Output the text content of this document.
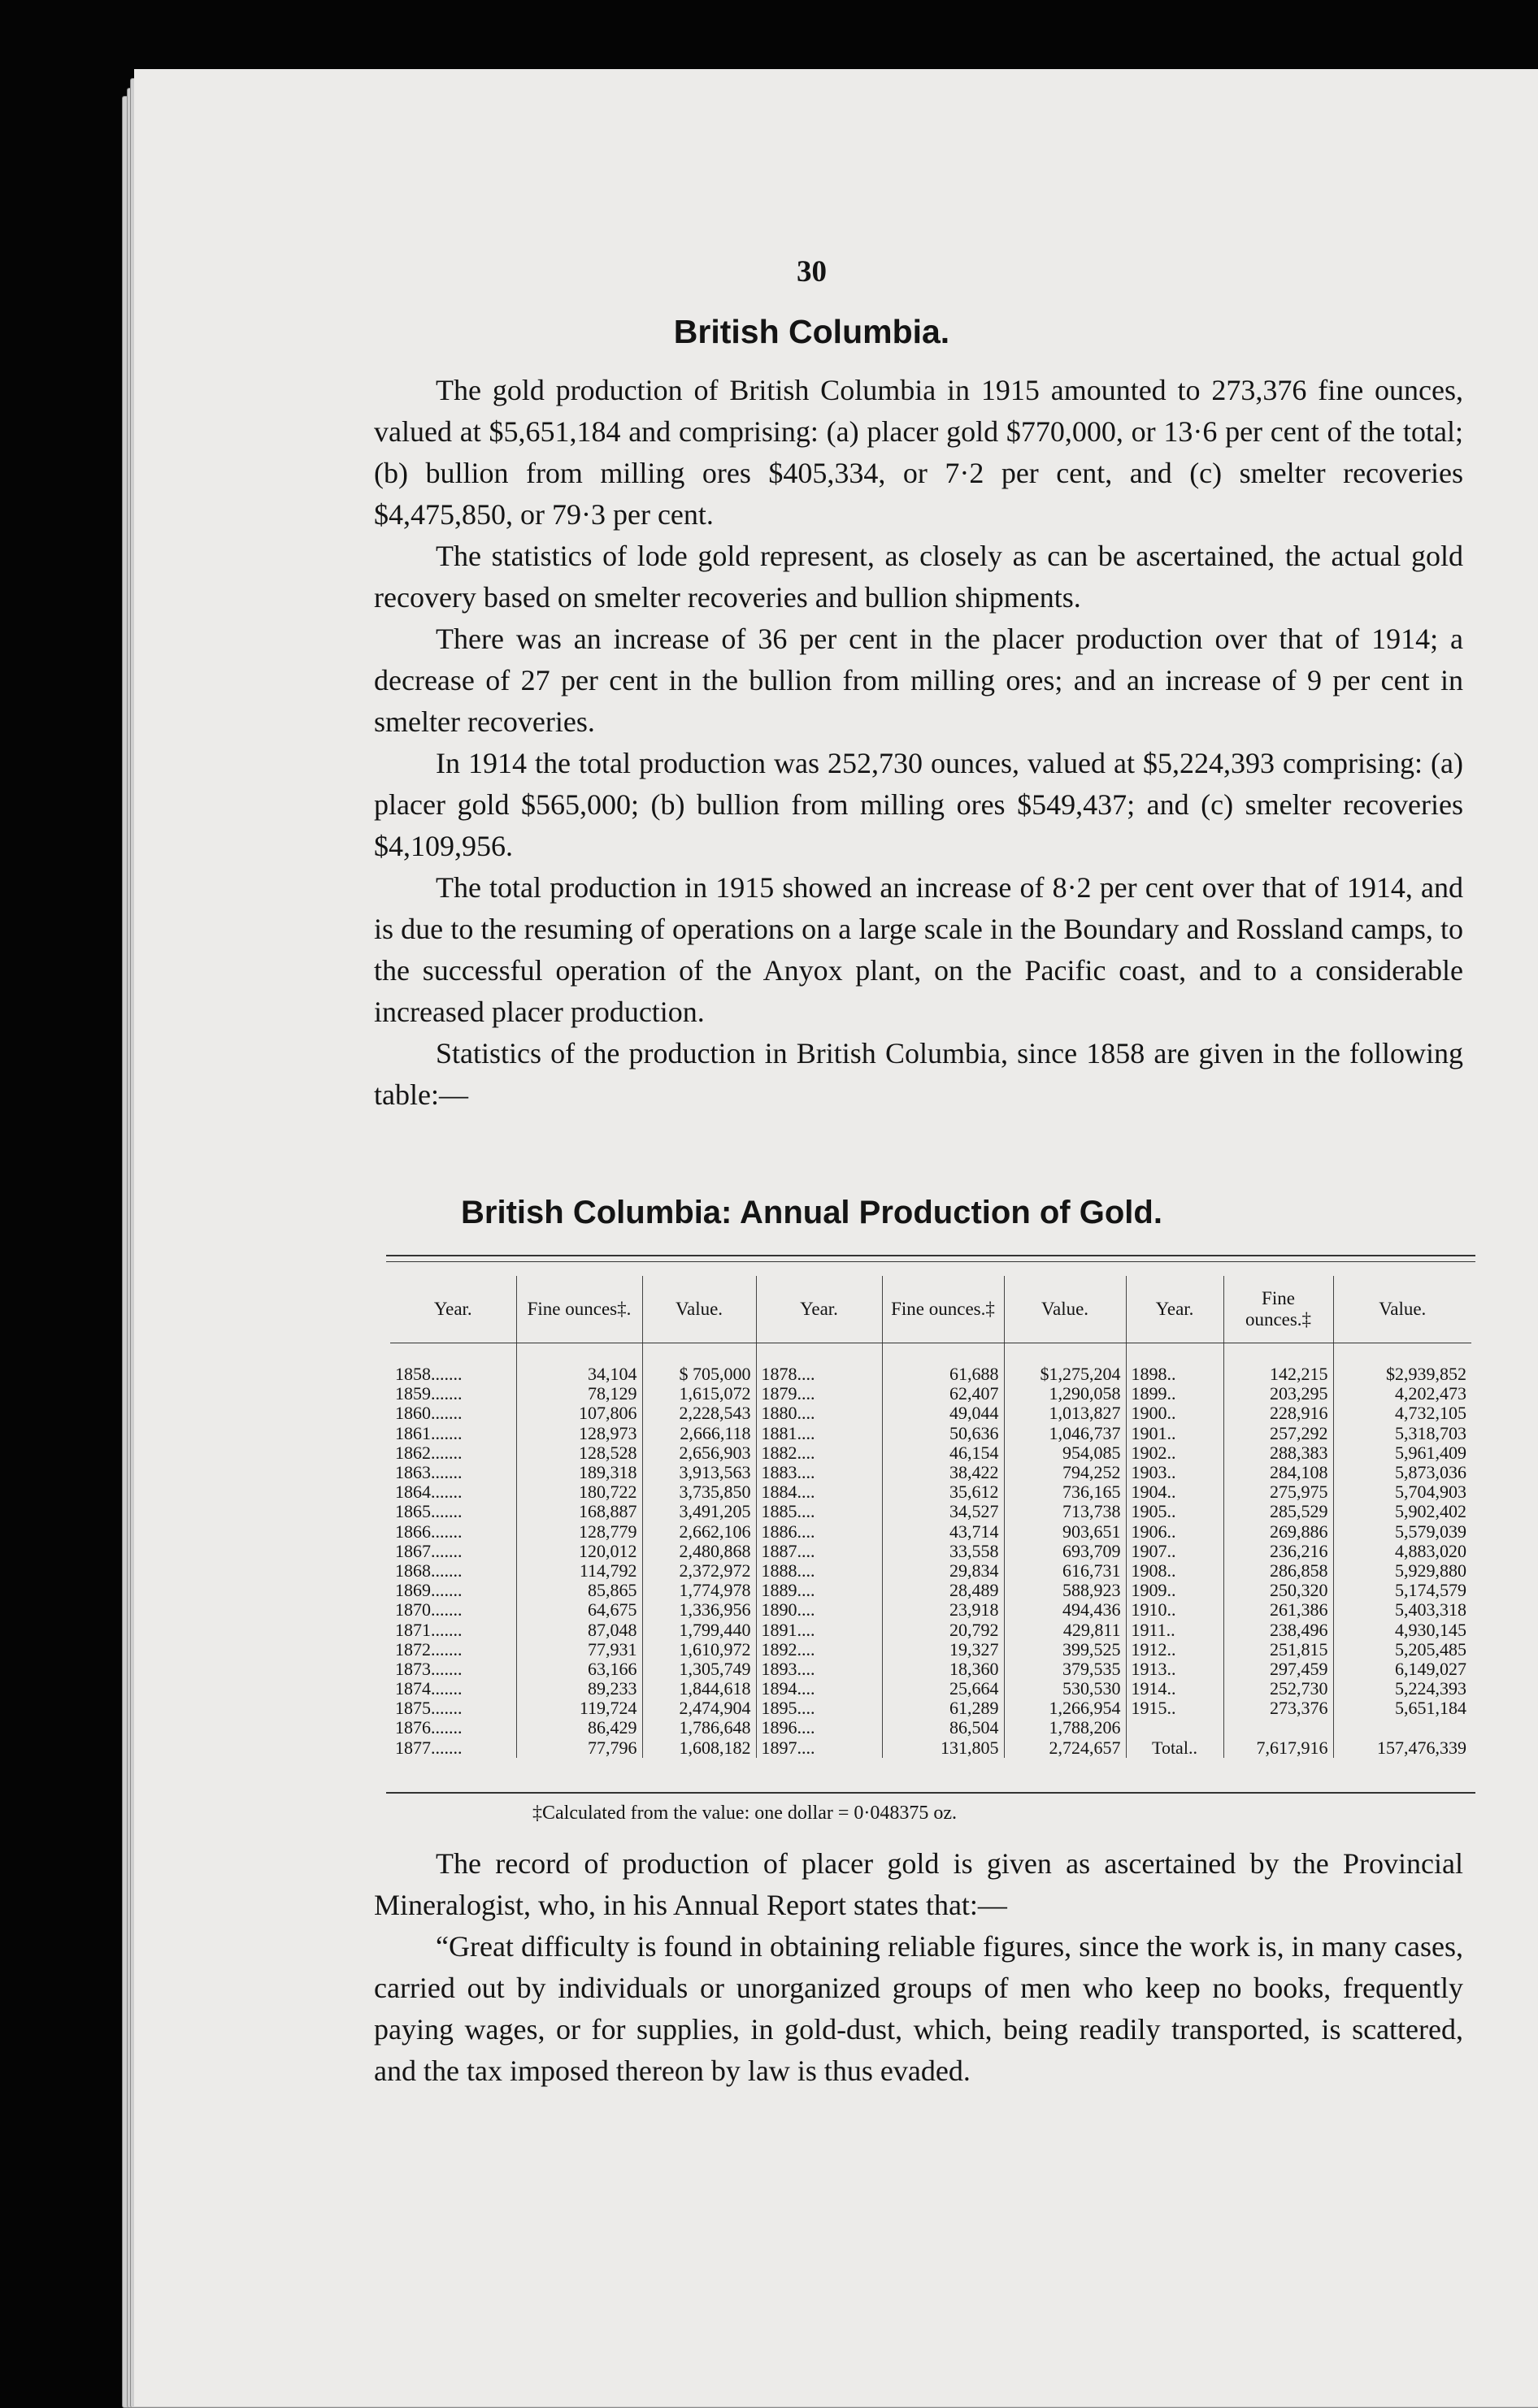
30
British Columbia.

The gold production of British Columbia in 1915 amounted to 273,376 fine ounces, valued at $5,651,184 and comprising: (a) placer gold $770,000, or 13·6 per cent of the total; (b) bullion from milling ores $405,334, or 7·2 per cent, and (c) smelter recoveries $4,475,850, or 79·3 per cent.

The statistics of lode gold represent, as closely as can be ascertained, the actual gold recovery based on smelter recoveries and bullion shipments.

There was an increase of 36 per cent in the placer production over that of 1914; a decrease of 27 per cent in the bullion from milling ores; and an increase of 9 per cent in smelter recoveries.

In 1914 the total production was 252,730 ounces, valued at $5,224,393 comprising: (a) placer gold $565,000; (b) bullion from milling ores $549,437; and (c) smelter recoveries $4,109,956.

The total production in 1915 showed an increase of 8·2 per cent over that of 1914, and is due to the resuming of operations on a large scale in the Boundary and Rossland camps, to the successful operation of the Anyox plant, on the Pacific coast, and to a considerable increased placer production.

Statistics of the production in British Columbia, since 1858 are given in the following table:—

British Columbia: Annual Production of Gold.
Year.	Fine ounces‡.	Value.	Year.	Fine ounces.‡	Value.	Year.	Fine ounces.‡	Value.

1858.......	34,104	$ 705,000	1878....	61,688	$1,275,204	1898..	142,215	$2,939,852
1859.......	78,129	1,615,072	1879....	62,407	1,290,058	1899..	203,295	4,202,473
1860.......	107,806	2,228,543	1880....	49,044	1,013,827	1900..	228,916	4,732,105
1861.......	128,973	2,666,118	1881....	50,636	1,046,737	1901..	257,292	5,318,703
1862.......	128,528	2,656,903	1882....	46,154	954,085	1902..	288,383	5,961,409
1863.......	189,318	3,913,563	1883....	38,422	794,252	1903..	284,108	5,873,036
1864.......	180,722	3,735,850	1884....	35,612	736,165	1904..	275,975	5,704,903
1865.......	168,887	3,491,205	1885....	34,527	713,738	1905..	285,529	5,902,402
1866.......	128,779	2,662,106	1886....	43,714	903,651	1906..	269,886	5,579,039
1867.......	120,012	2,480,868	1887....	33,558	693,709	1907..	236,216	4,883,020
1868.......	114,792	2,372,972	1888....	29,834	616,731	1908..	286,858	5,929,880
1869.......	85,865	1,774,978	1889....	28,489	588,923	1909..	250,320	5,174,579
1870.......	64,675	1,336,956	1890....	23,918	494,436	1910..	261,386	5,403,318
1871.......	87,048	1,799,440	1891....	20,792	429,811	1911..	238,496	4,930,145
1872.......	77,931	1,610,972	1892....	19,327	399,525	1912..	251,815	5,205,485
1873.......	63,166	1,305,749	1893....	18,360	379,535	1913..	297,459	6,149,027
1874.......	89,233	1,844,618	1894....	25,664	530,530	1914..	252,730	5,224,393
1875.......	119,724	2,474,904	1895....	61,289	1,266,954	1915..	273,376	5,651,184
1876.......	86,429	1,786,648	1896....	86,504	1,788,206			
1877.......	77,796	1,608,182	1897....	131,805	2,724,657	Total..	7,617,916	157,476,339
‡Calculated from the value: one dollar = 0·048375 oz.

The record of production of placer gold is given as ascertained by the Provincial Mineralogist, who, in his Annual Report states that:—

“Great difficulty is found in obtaining reliable figures, since the work is, in many cases, carried out by individuals or unorganized groups of men who keep no books, frequently paying wages, or for supplies, in gold-dust, which, being readily transported, is scattered, and the tax imposed thereon by law is thus evaded.
